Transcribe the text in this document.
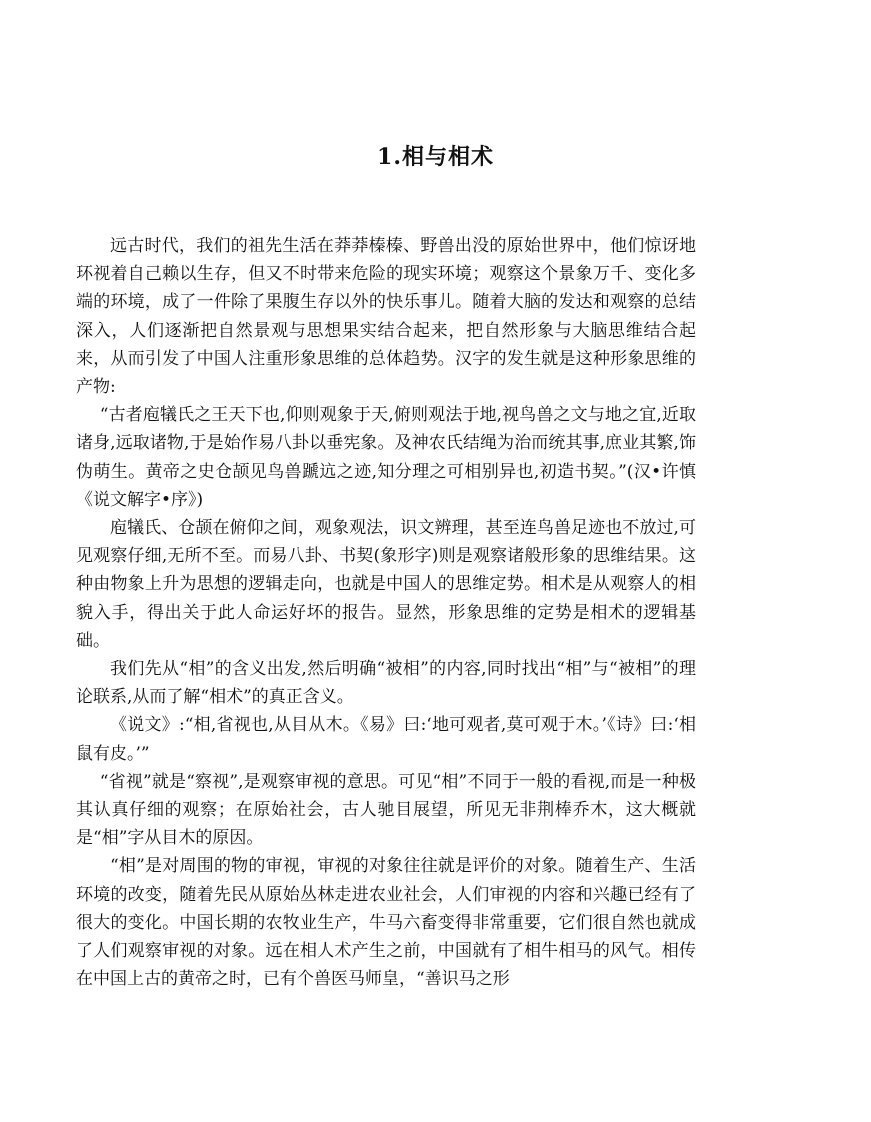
1.相与相术

远古时代，我们的祖先生活在莽莽榛榛、野兽出没的原始世界中，他们惊讶地环视着自己赖以生存，但又不时带来危险的现实环境；观察这个景象万千、变化多端的环境，成了一件除了果腹生存以外的快乐事儿。随着大脑的发达和观察的总结深入，人们逐渐把自然景观与思想果实结合起来，把自然形象与大脑思维结合起来，从而引发了中国人注重形象思维的总体趋势。汉字的发生就是这种形象思维的产物:

“古者庖犠氏之王天下也,仰则观象于天,俯则观法于地,视鸟兽之文与地之宜,近取诸身,远取诸物,于是始作易八卦以垂宪象。及神农氏结绳为治而统其事,庶业其繁,饰伪萌生。黄帝之史仓颉见鸟兽蹏迒之迹,知分理之可相别异也,初造书契。”(汉•许慎《说文解字•序》)

庖犠氏、仓颉在俯仰之间，观象观法，识文辨理，甚至连鸟兽足迹也不放过,可见观察仔细,无所不至。而易八卦、书契(象形字)则是观察诸般形象的思维结果。这种由物象上升为思想的逻辑走向，也就是中国人的思维定势。相术是从观察人的相貌入手，得出关于此人命运好坏的报告。显然，形象思维的定势是相术的逻辑基础。

我们先从“相”的含义出发,然后明确“被相”的内容,同时找出“相”与“被相”的理论联系,从而了解“相术”的真正含义。

《说文》:“相,省视也,从目从木。《易》曰:‘地可观者,莫可观于木。’《诗》曰:‘相鼠有皮。’”

“省视”就是“察视”,是观察审视的意思。可见“相”不同于一般的看视,而是一种极其认真仔细的观察；在原始社会，古人驰目展望，所见无非荆棒乔木，这大概就是“相”字从目木的原因。

“相”是对周围的物的审视，审视的对象往往就是评价的对象。随着生产、生活环境的改变，随着先民从原始丛林走进农业社会，人们审视的内容和兴趣已经有了很大的变化。中国长期的农牧业生产，牛马六畜变得非常重要，它们很自然也就成了人们观察审视的对象。远在相人术产生之前，中国就有了相牛相马的风气。相传在中国上古的黄帝之时，已有个兽医马师皇，“善识马之形
